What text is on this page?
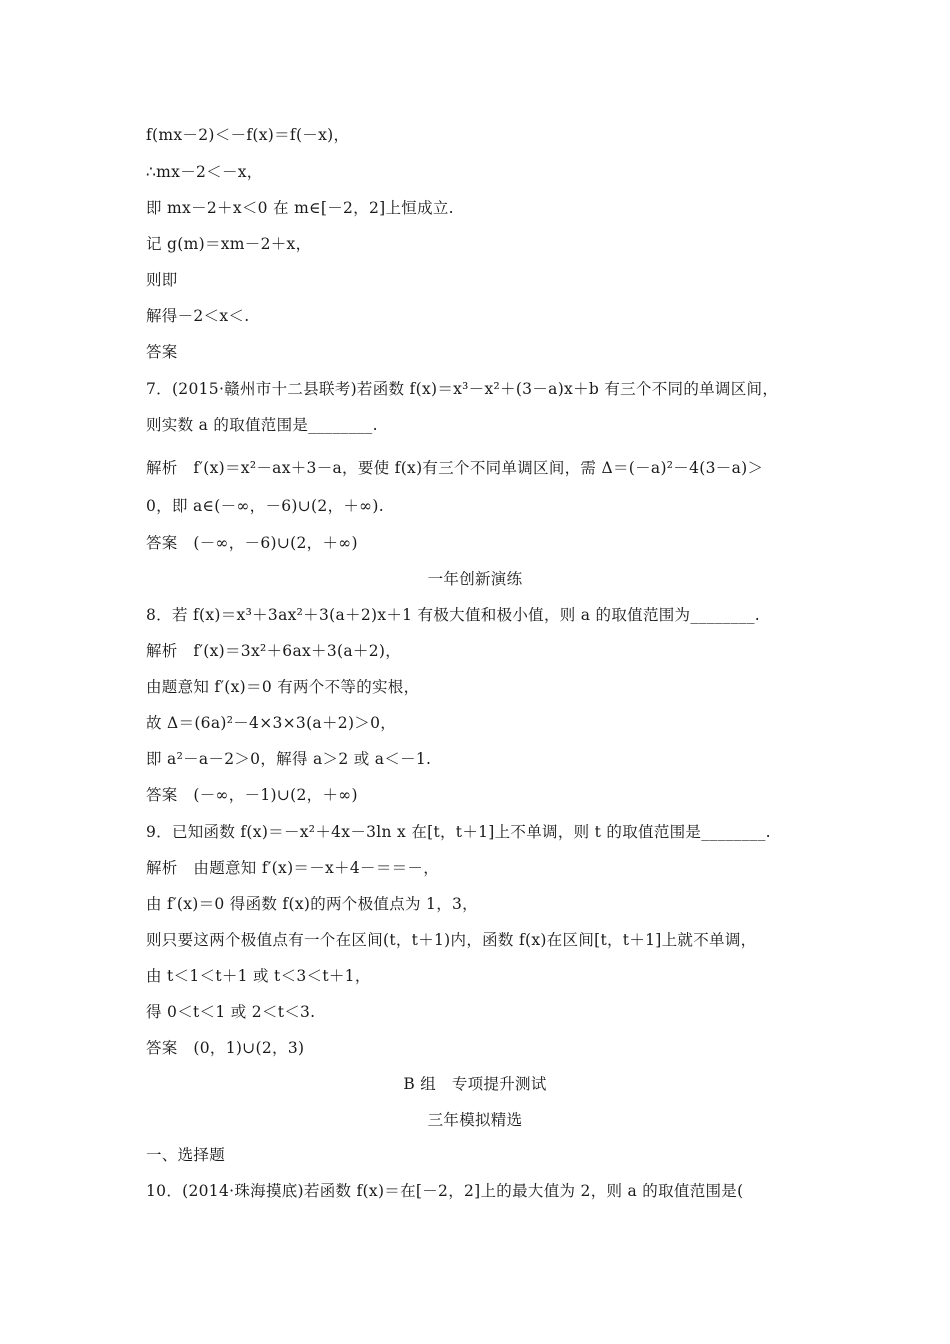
f(mx－2)＜－f(x)＝f(－x)，
∴mx－2＜－x，
即 mx－2＋x＜0 在 m∈[－2，2]上恒成立.
记 g(m)＝xm－2＋x，
则即
解得－2＜x＜.
答案
7．(2015·赣州市十二县联考)若函数 f(x)＝x³－x²＋(3－a)x＋b 有三个不同的单调区间，
则实数 a 的取值范围是________.
解析　f′(x)＝x²－ax＋3－a，要使 f(x)有三个不同单调区间，需 Δ＝(－a)²－4(3－a)＞
0，即 a∈(－∞，－6)∪(2，＋∞).
答案　(－∞，－6)∪(2，＋∞)
一年创新演练
8．若 f(x)＝x³＋3ax²＋3(a＋2)x＋1 有极大值和极小值，则 a 的取值范围为________.
解析　f′(x)＝3x²＋6ax＋3(a＋2)，
由题意知 f′(x)＝0 有两个不等的实根，
故 Δ＝(6a)²－4×3×3(a＋2)＞0，
即 a²－a－2＞0，解得 a＞2 或 a＜－1.
答案　(－∞，－1)∪(2，＋∞)
9．已知函数 f(x)＝－x²＋4x－3ln x 在[t，t＋1]上不单调，则 t 的取值范围是________.
解析　由题意知 f′(x)＝－x＋4－＝＝－，
由 f′(x)＝0 得函数 f(x)的两个极值点为 1，3，
则只要这两个极值点有一个在区间(t，t＋1)内，函数 f(x)在区间[t，t＋1]上就不单调，
由 t＜1＜t＋1 或 t＜3＜t＋1，
得 0＜t＜1 或 2＜t＜3.
答案　(0，1)∪(2，3)
B 组　专项提升测试
三年模拟精选
一、选择题
10．(2014·珠海摸底)若函数 f(x)＝在[－2，2]上的最大值为 2，则 a 的取值范围是(
